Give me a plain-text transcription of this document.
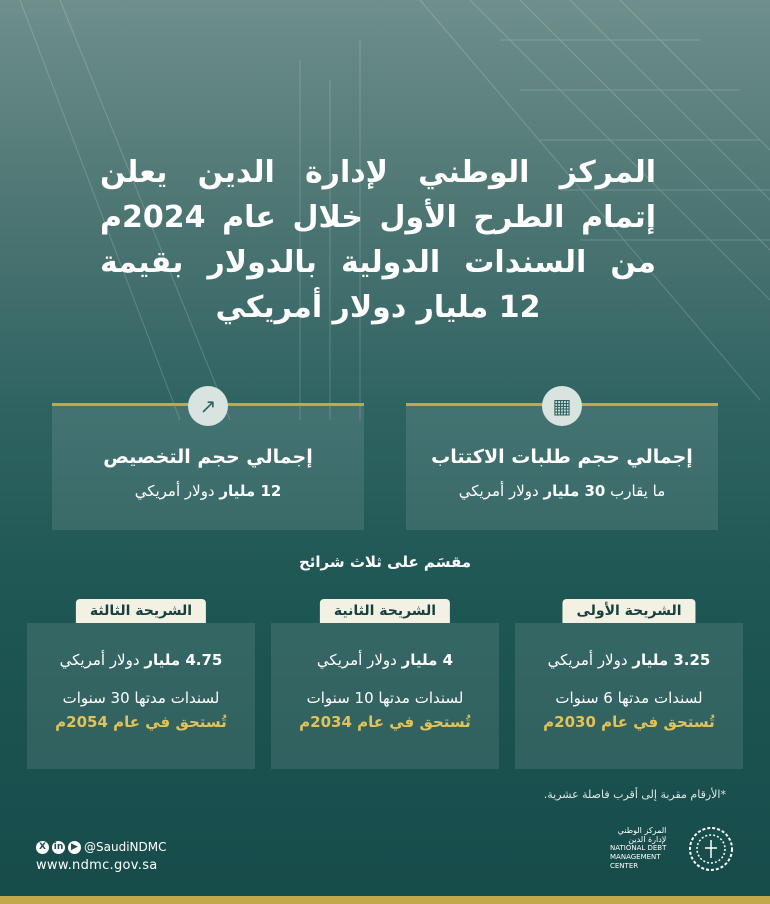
المركز الوطني لإدارة الدين يعلن
إتمام الطرح الأول خلال عام 2024م
من السندات الدولية بالدولار بقيمة
12 مليار دولار أمريكي
▦
إجمالي حجم طلبات الاكتتاب
ما يقارب 30 مليار دولار أمريكي
↗
إجمالي حجم التخصيص
12 مليار دولار أمريكي
مقسَم على ثلاث شرائح
الشريحة الأولى
3.25 مليار دولار أمريكي
لسندات مدتها 6 سنوات
تُستحق في عام 2030م
الشريحة الثانية
4 مليار دولار أمريكي
لسندات مدتها 10 سنوات
تُستحق في عام 2034م
الشريحة الثالثة
4.75 مليار دولار أمريكي
لسندات مدتها 30 سنوات
تُستحق في عام 2054م
*الأرقام مقربة إلى أقرب فاصلة عشرية.
X in ▶ @SaudiNDMC
www.ndmc.gov.sa
المركز الوطني
لإدارة الدين
NATIONAL DEBT
MANAGEMENT
CENTER
